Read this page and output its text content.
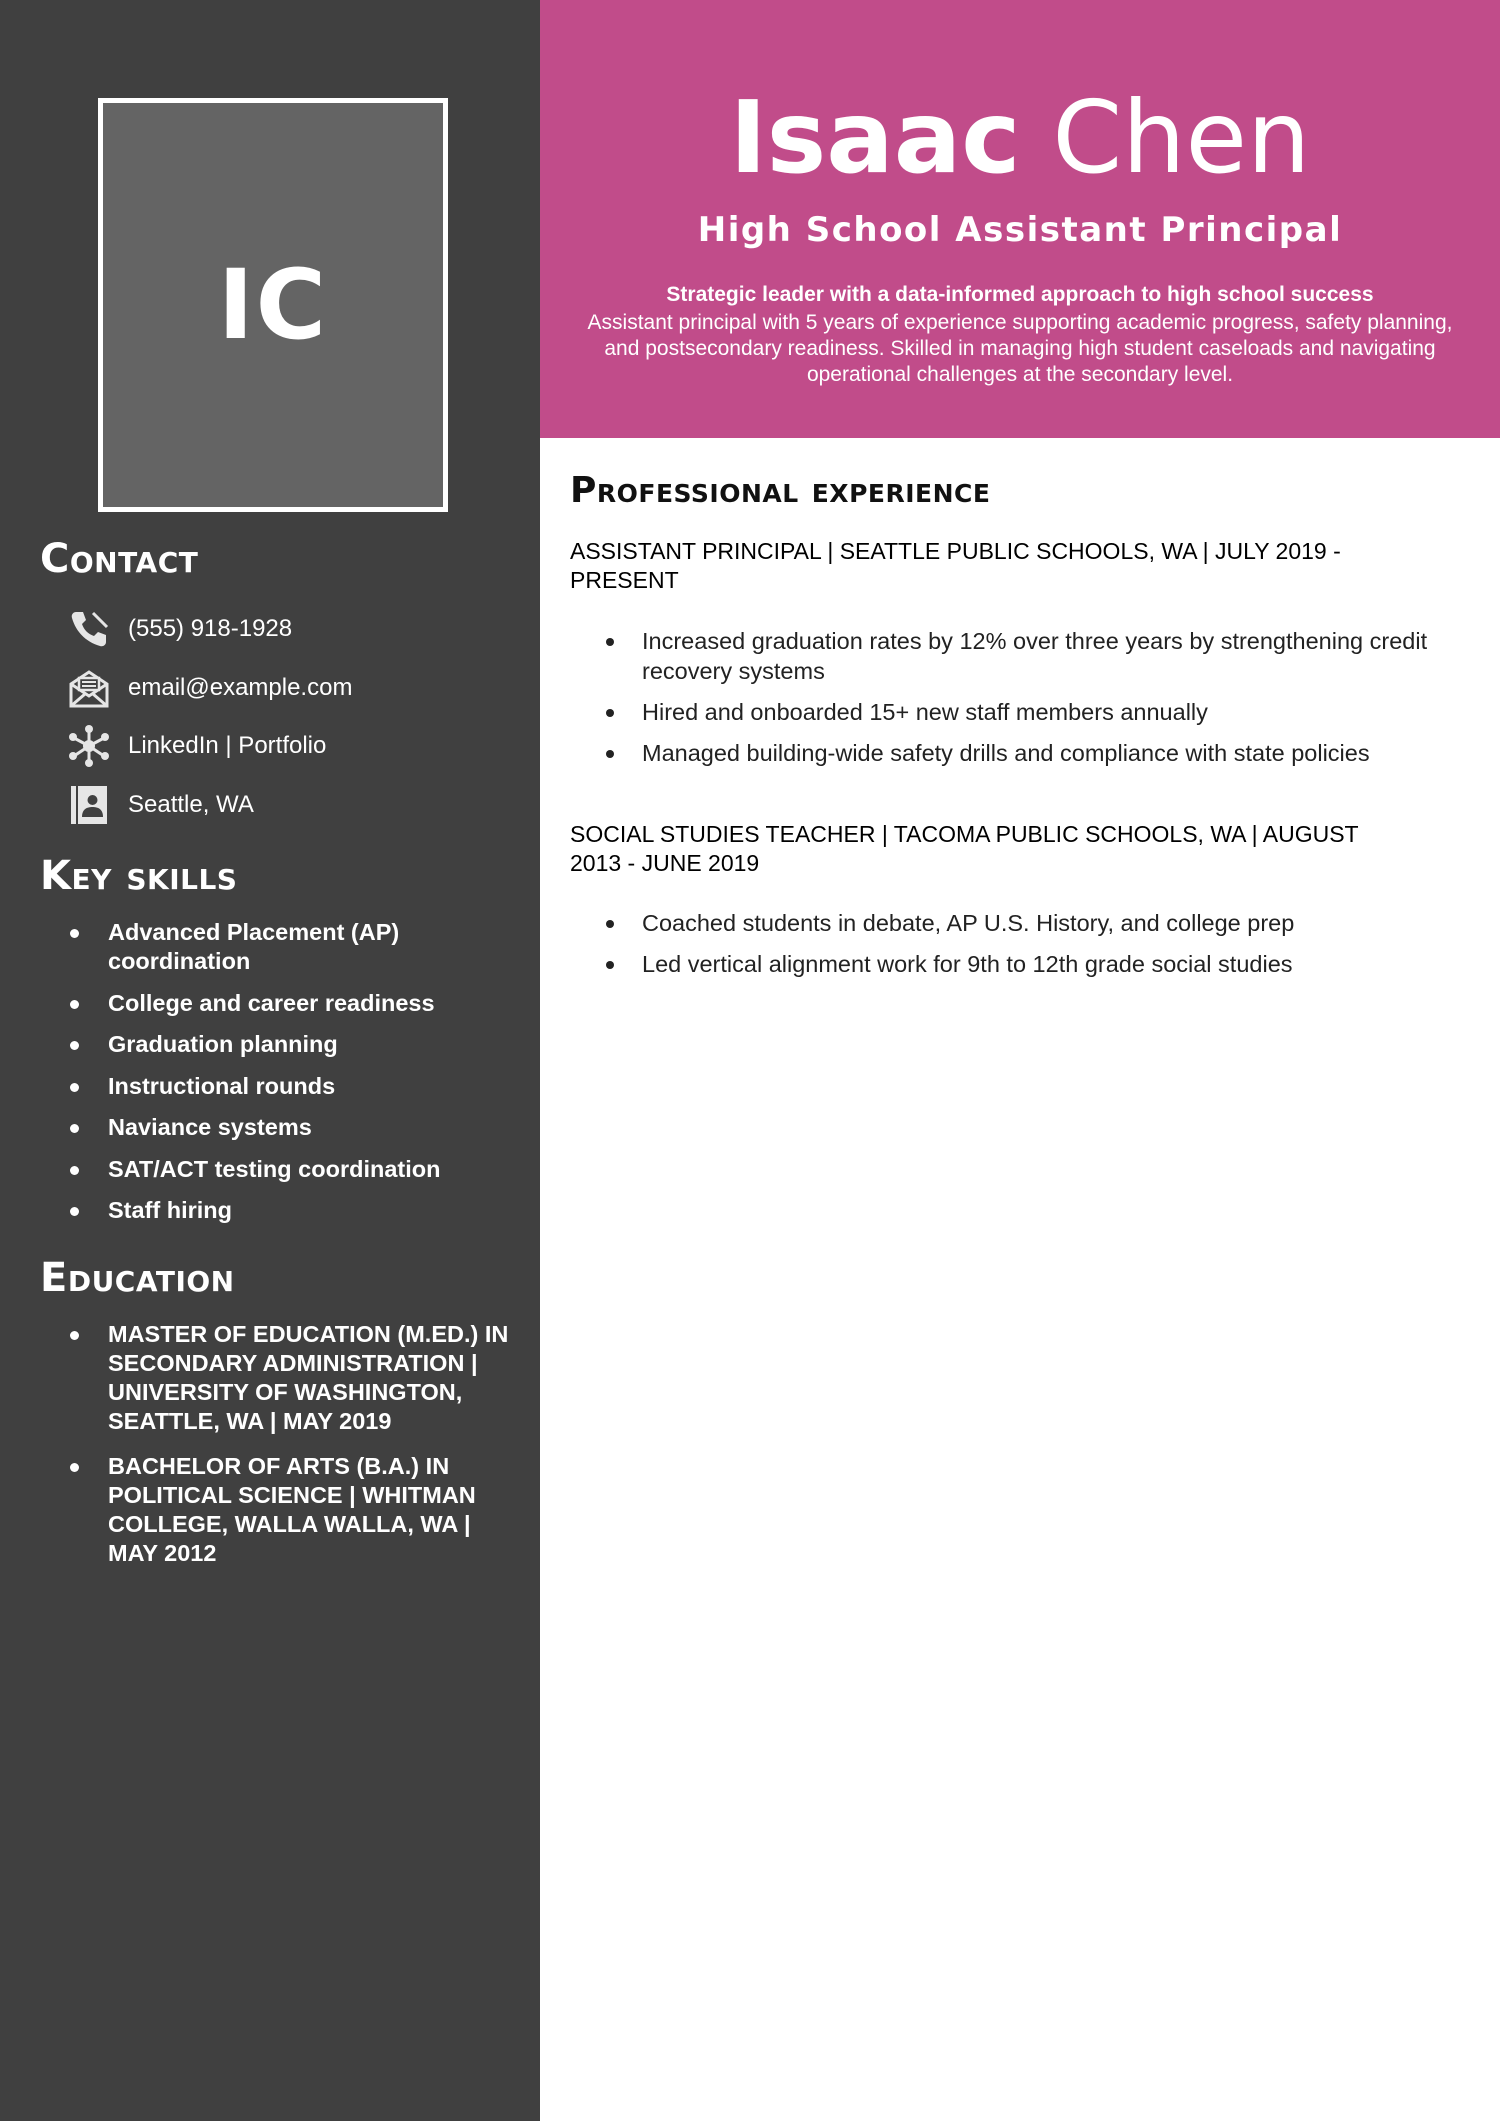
IC
Contact
(555) 918-1928
email@example.com
LinkedIn | Portfolio
Seattle, WA
Key skills
Advanced Placement (AP) coordination
College and career readiness
Graduation planning
Instructional rounds
Naviance systems
SAT/ACT testing coordination
Staff hiring
Education
MASTER OF EDUCATION (M.ED.) IN SECONDARY ADMINISTRATION | UNIVERSITY OF WASHINGTON, SEATTLE, WA | MAY 2019
BACHELOR OF ARTS (B.A.) IN POLITICAL SCIENCE | WHITMAN COLLEGE, WALLA WALLA, WA | MAY 2012
Isaac Chen
High School Assistant Principal
Strategic leader with a data-informed approach to high school success
Assistant principal with 5 years of experience supporting academic progress, safety planning, and postsecondary readiness. Skilled in managing high student caseloads and navigating operational challenges at the secondary level.
Professional experience
ASSISTANT PRINCIPAL | SEATTLE PUBLIC SCHOOLS, WA | JULY 2019 - PRESENT
Increased graduation rates by 12% over three years by strengthening credit recovery systems
Hired and onboarded 15+ new staff members annually
Managed building-wide safety drills and compliance with state policies
SOCIAL STUDIES TEACHER | TACOMA PUBLIC SCHOOLS, WA | AUGUST 2013 - JUNE 2019
Coached students in debate, AP U.S. History, and college prep
Led vertical alignment work for 9th to 12th grade social studies
